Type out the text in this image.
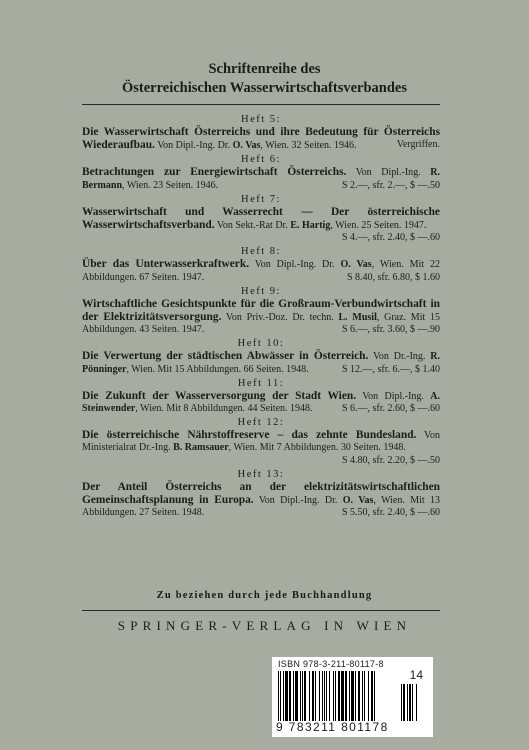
Schriftenreihe des
Österreichischen Wasserwirtschaftsverbandes
Heft 5:
Die Wasserwirtschaft Österreichs und ihre Bedeutung für Österreichs Wiederaufbau. Von Dipl.-Ing. Dr. O. Vas, Wien. 32 Seiten. 1946.	Vergriffen.
Heft 6:
Betrachtungen zur Energiewirtschaft Österreichs. Von Dipl.-Ing. R. Bermann, Wien. 23 Seiten. 1946.	S 2.—, sfr. 2.—, $ —.50
Heft 7:
Wasserwirtschaft und Wasserrecht — Der österreichische Wasserwirtschaftsverband. Von Sekt.-Rat Dr. E. Hartig, Wien. 25 Seiten. 1947.
S 4.—, sfr. 2.40, $ —.60
Heft 8:
Über das Unterwasserkraftwerk. Von Dipl.-Ing. Dr. O. Vas, Wien. Mit 22 Abbildungen. 67 Seiten. 1947.	S 8.40, sfr. 6.80, $ 1.60
Heft 9:
Wirtschaftliche Gesichtspunkte für die Großraum-Verbundwirtschaft in der Elektrizitätsversorgung. Von Priv.-Doz. Dr. techn. L. Musil, Graz. Mit 15 Abbildungen. 43 Seiten. 1947.	S 6.—, sfr. 3.60, $ —.90
Heft 10:
Die Verwertung der städtischen Abwässer in Österreich. Von Dr.-Ing. R. Pönninger, Wien. Mit 15 Abbildungen. 66 Seiten. 1948.	S 12.—, sfr. 6.—, $ 1.40
Heft 11:
Die Zukunft der Wasserversorgung der Stadt Wien. Von Dipl.-Ing. A. Steinwender, Wien. Mit 8 Abbildungen. 44 Seiten. 1948.	S 6.—, sfr. 2.60, $ —.60
Heft 12:
Die österreichische Nährstoffreserve – das zehnte Bundesland. Von Ministerialrat Dr.-Ing. B. Ramsauer, Wien. Mit 7 Abbildungen. 30 Seiten. 1948.
S 4.80, sfr. 2.20, $ —.50
Heft 13:
Der Anteil Österreichs an der elektrizitätswirtschaftlichen Gemeinschaftsplanung in Europa. Von Dipl.-Ing. Dr. O. Vas, Wien. Mit 13 Abbildungen. 27 Seiten. 1948.	S 5.50, sfr. 2.40, $ —.60
Zu beziehen durch jede Buchhandlung
SPRINGER-VERLAG IN WIEN
ISBN 978-3-211-80117-8
14
9 783211 801178
